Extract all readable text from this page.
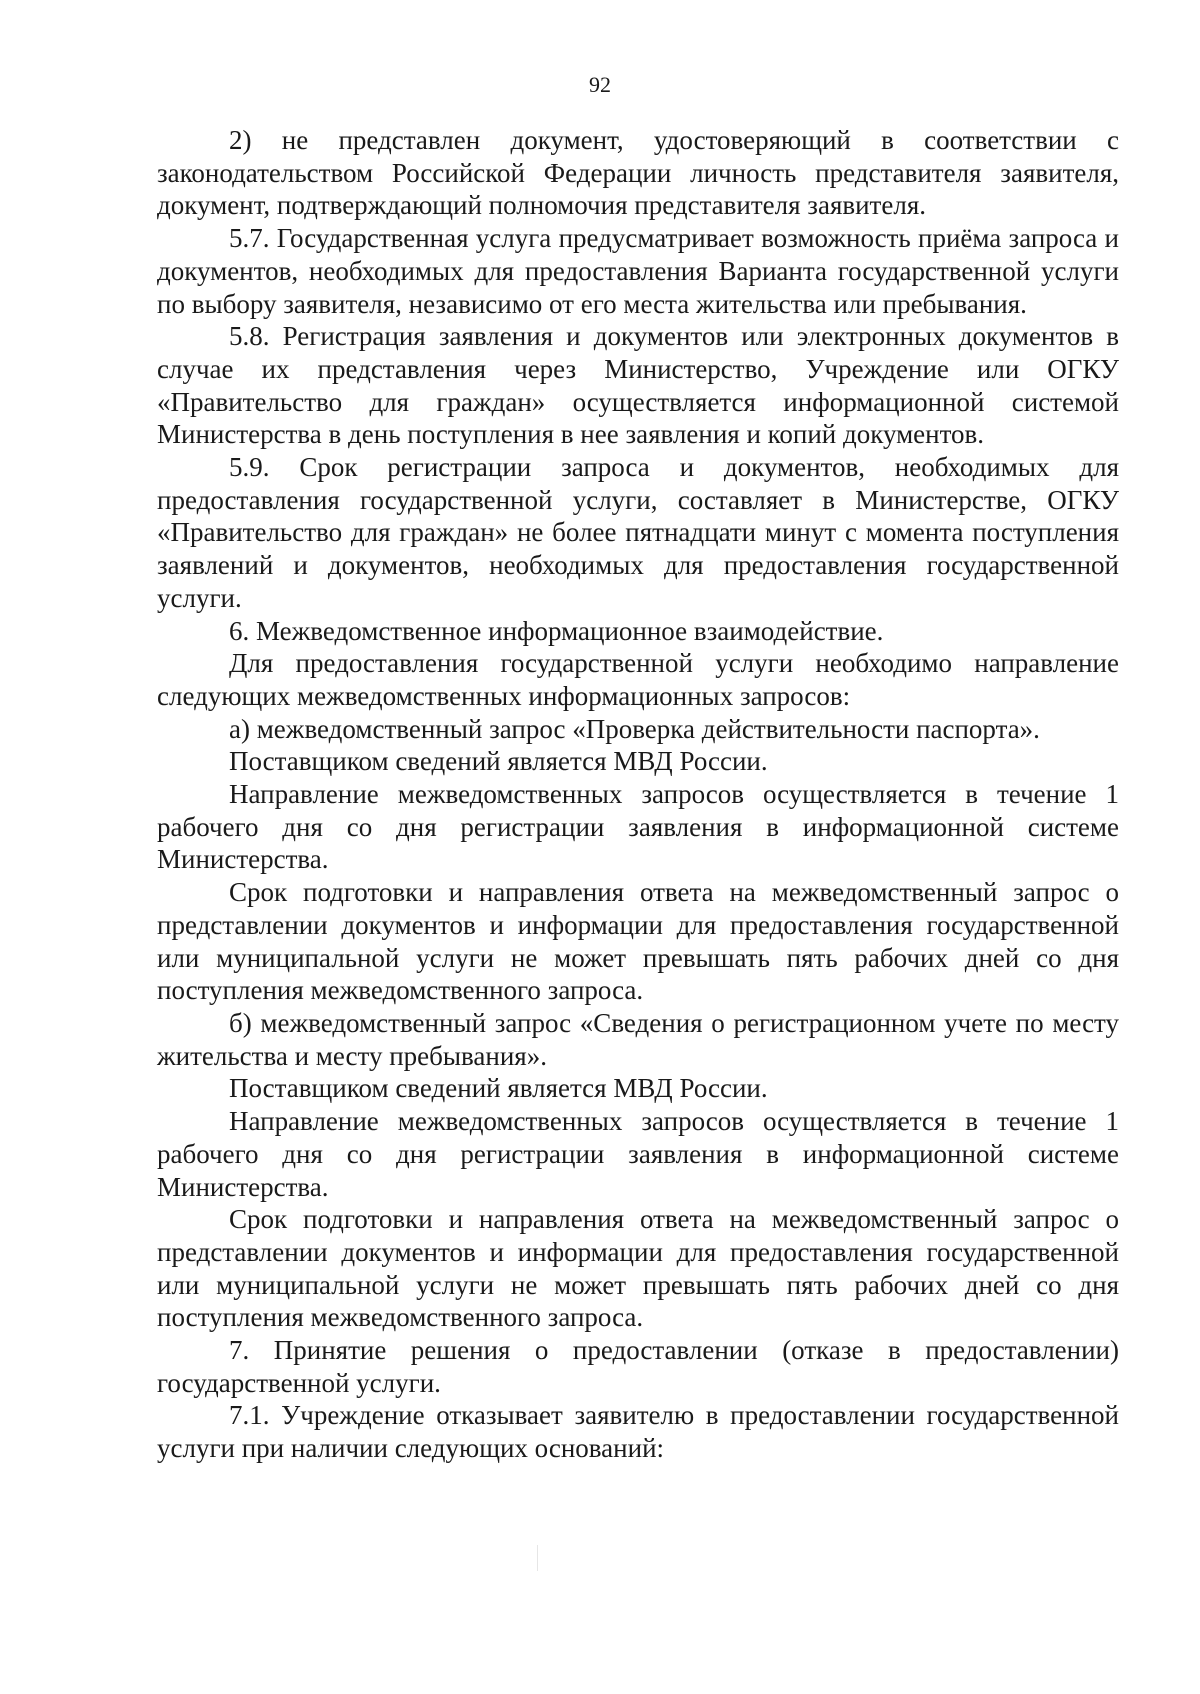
92

2) не представлен документ, удостоверяющий в соответствии с законодательством Российской Федерации личность представителя заявителя, документ, подтверждающий полномочия представителя заявителя.

5.7. Государственная услуга предусматривает возможность приёма запроса и документов, необходимых для предоставления Варианта государственной услуги по выбору заявителя, независимо от его места жительства или пребывания.

5.8. Регистрация заявления и документов или электронных документов в случае их представления через Министерство, Учреждение или ОГКУ «Правительство для граждан» осуществляется информационной системой Министерства в день поступления в нее заявления и копий документов.

5.9. Срок регистрации запроса и документов, необходимых для предоставления государственной услуги, составляет в Министерстве, ОГКУ «Правительство для граждан» не более пятнадцати минут с момента поступления заявлений и документов, необходимых для предоставления государственной услуги.

6. Межведомственное информационное взаимодействие.

Для предоставления государственной услуги необходимо направление следующих межведомственных информационных запросов:

а) межведомственный запрос «Проверка действительности паспорта».

Поставщиком сведений является МВД России.

Направление межведомственных запросов осуществляется в течение 1 рабочего дня со дня регистрации заявления в информационной системе Министерства.

Срок подготовки и направления ответа на межведомственный запрос о представлении документов и информации для предоставления государственной или муниципальной услуги не может превышать пять рабочих дней со дня поступления межведомственного запроса.

б) межведомственный запрос «Сведения о регистрационном учете по месту жительства и месту пребывания».

Поставщиком сведений является МВД России.

Направление межведомственных запросов осуществляется в течение 1 рабочего дня со дня регистрации заявления в информационной системе Министерства.

Срок подготовки и направления ответа на межведомственный запрос о представлении документов и информации для предоставления государственной или муниципальной услуги не может превышать пять рабочих дней со дня поступления межведомственного запроса.

7. Принятие решения о предоставлении (отказе в предоставлении) государственной услуги.

7.1. Учреждение отказывает заявителю в предоставлении государственной услуги при наличии следующих оснований:
